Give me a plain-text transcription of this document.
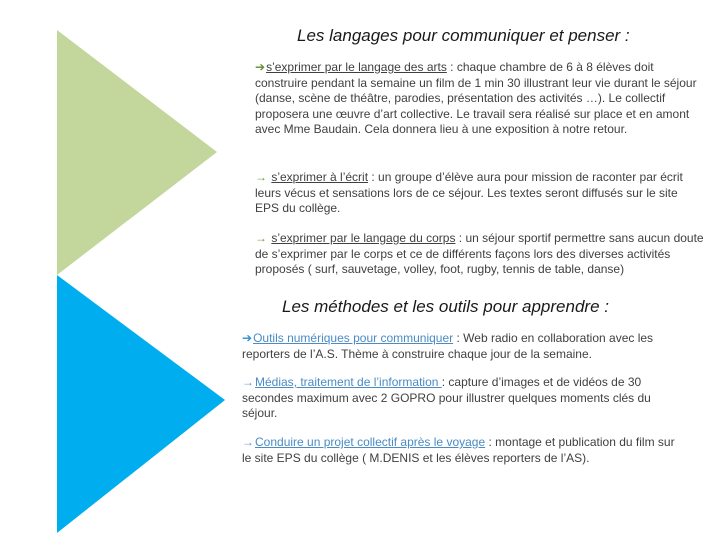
Les langages pour communiquer et penser :

➔s’exprimer par le langage des arts : chaque chambre de 6 à 8 élèves doit construire pendant la semaine un film de 1 min 30 illustrant leur vie durant le séjour (danse, scène de théâtre, parodies, présentation des activités …). Le collectif proposera une œuvre d’art collective. Le travail sera réalisé sur place et en amont avec Mme Baudain. Cela donnera lieu à une exposition à notre retour.

→ s’exprimer à l’écrit : un groupe d’élève aura pour mission de raconter par écrit leurs vécus et sensations lors de ce séjour. Les textes seront diffusés sur le site EPS du collège.

→ s’exprimer par le langage du corps : un séjour sportif permettre sans aucun doute de s’exprimer par le corps et ce de différents façons lors des diverses activités proposés ( surf, sauvetage, volley, foot, rugby, tennis de table, danse)

Les méthodes et les outils pour apprendre :

➔Outils numériques pour communiquer : Web radio en collaboration avec les reporters de l’A.S. Thème à construire chaque jour de la semaine.

→Médias, traitement de l’information : capture d’images et de vidéos de 30 secondes maximum avec 2 GOPRO pour illustrer quelques moments clés du séjour.

→Conduire un projet collectif après le voyage : montage et publication du film sur le site EPS du collège ( M.DENIS et les élèves reporters de l’AS).
